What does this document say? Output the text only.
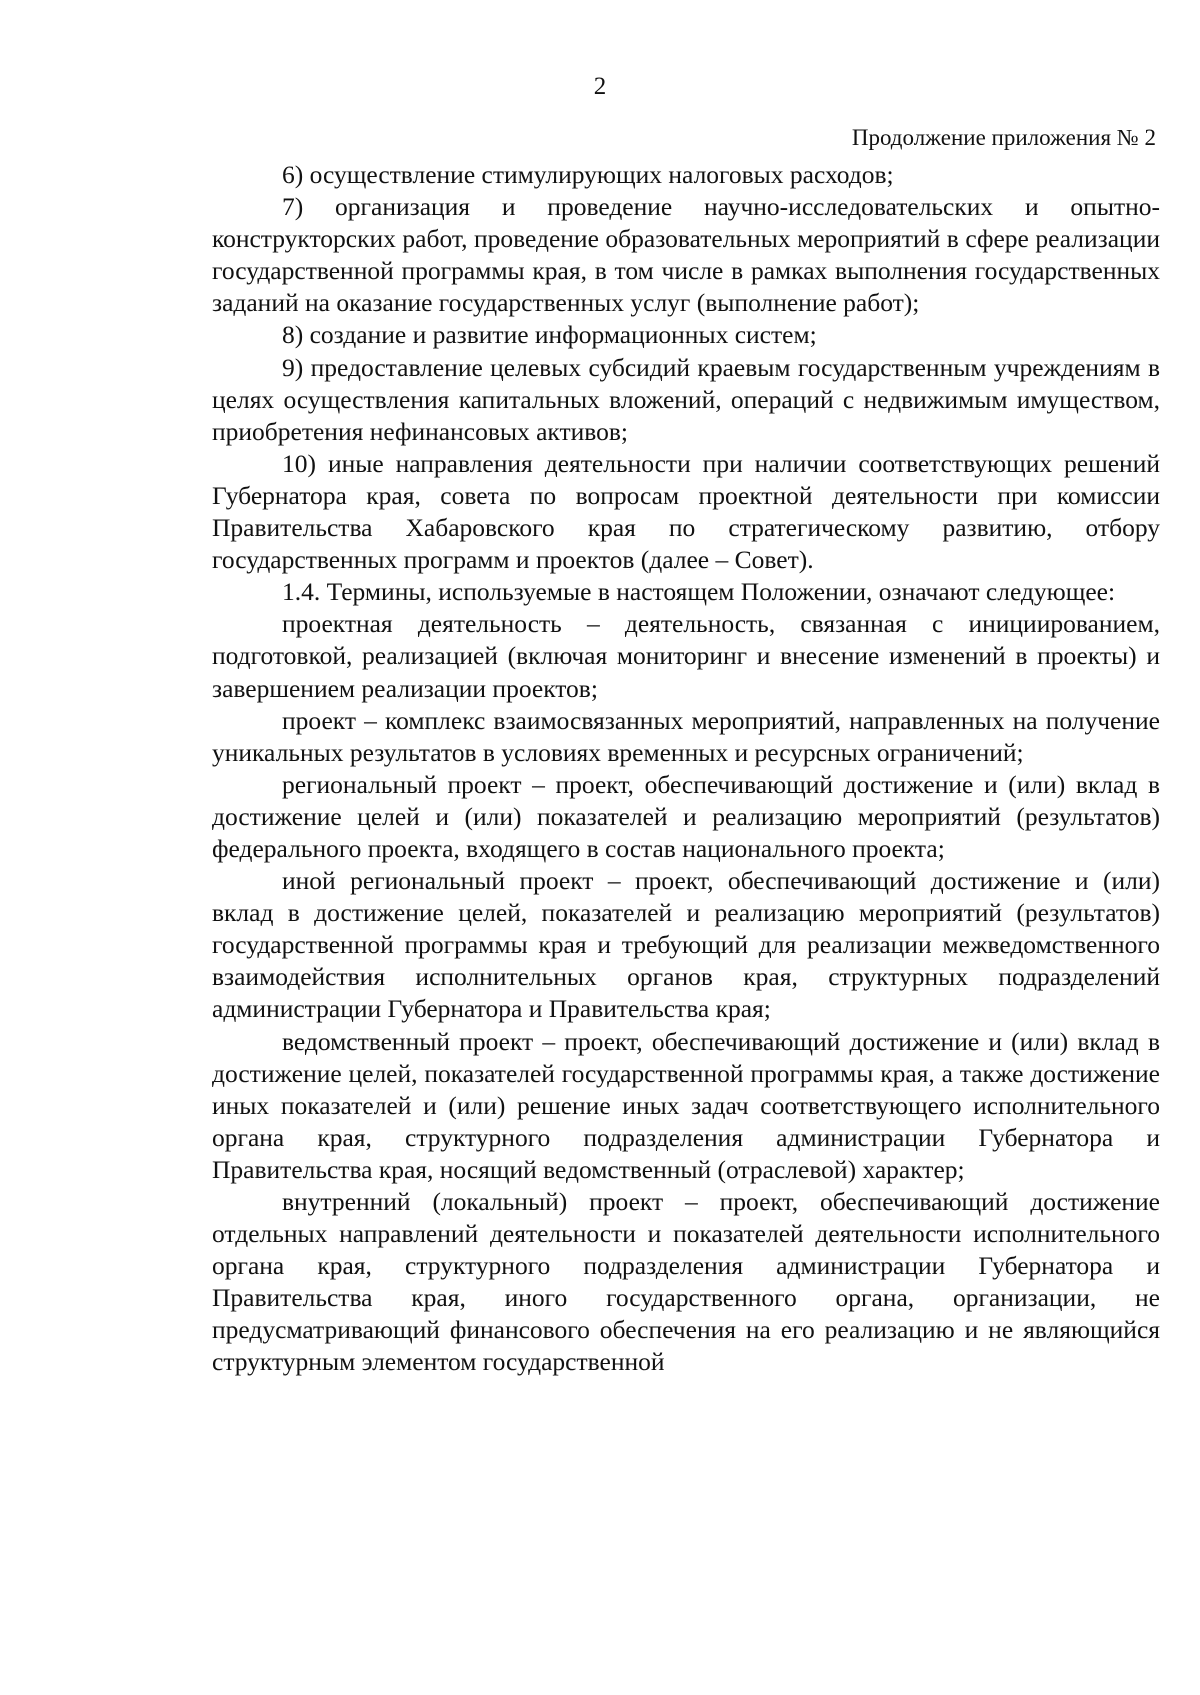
2
Продолжение приложения № 2

6) осуществление стимулирующих налоговых расходов;

7) организация и проведение научно-исследовательских и опытно-конструкторских работ, проведение образовательных мероприятий в сфере реализации государственной программы края, в том числе в рамках выполнения государственных заданий на оказание государственных услуг (выполнение работ);

8) создание и развитие информационных систем;

9) предоставление целевых субсидий краевым государственным учреждениям в целях осуществления капитальных вложений, операций с недвижимым имуществом, приобретения нефинансовых активов;

10) иные направления деятельности при наличии соответствующих решений Губернатора края, совета по вопросам проектной деятельности при комиссии Правительства Хабаровского края по стратегическому развитию, отбору государственных программ и проектов (далее – Совет).

1.4. Термины, используемые в настоящем Положении, означают следующее:

проектная деятельность – деятельность, связанная с инициированием, подготовкой, реализацией (включая мониторинг и внесение изменений в проекты) и завершением реализации проектов;

проект – комплекс взаимосвязанных мероприятий, направленных на получение уникальных результатов в условиях временных и ресурсных ограничений;

региональный проект – проект, обеспечивающий достижение и (или) вклад в достижение целей и (или) показателей и реализацию мероприятий (результатов) федерального проекта, входящего в состав национального проекта;

иной региональный проект – проект, обеспечивающий достижение и (или) вклад в достижение целей, показателей и реализацию мероприятий (результатов) государственной программы края и требующий для реализации межведомственного взаимодействия исполнительных органов края, структурных подразделений администрации Губернатора и Правительства края;

ведомственный проект – проект, обеспечивающий достижение и (или) вклад в достижение целей, показателей государственной программы края, а также достижение иных показателей и (или) решение иных задач соответствующего исполнительного органа края, структурного подразделения администрации Губернатора и Правительства края, носящий ведомственный (отраслевой) характер;

внутренний (локальный) проект – проект, обеспечивающий достижение отдельных направлений деятельности и показателей деятельности исполнительного органа края, структурного подразделения администрации Губернатора и Правительства края, иного государственного органа, организации, не предусматривающий финансового обеспечения на его реализацию и не являющийся структурным элементом государственной
